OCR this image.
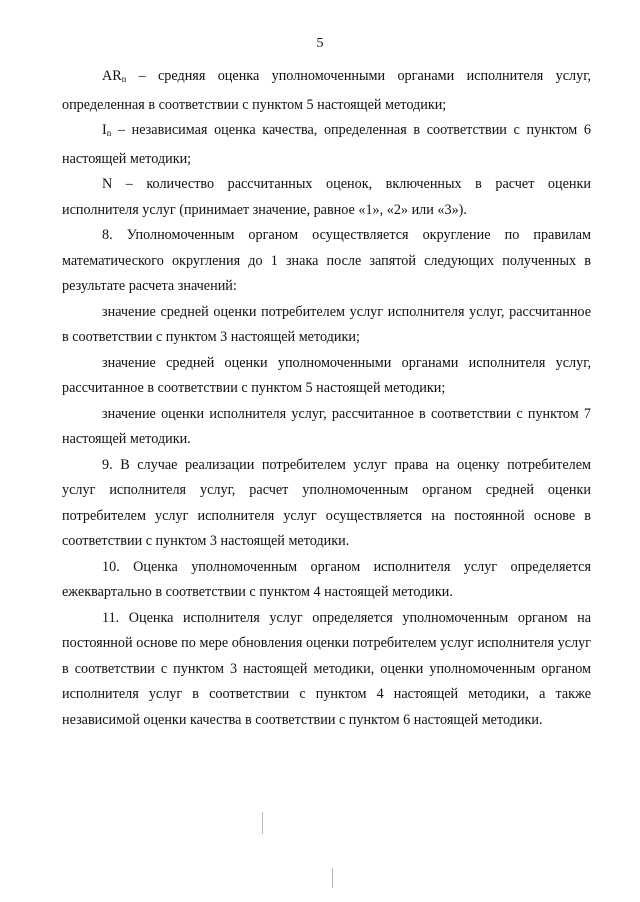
5

$AR_n$ – средняя оценка уполномоченными органами исполнителя услуг, определенная в соответствии с пунктом 5 настоящей методики;

$I_n$ – независимая оценка качества, определенная в соответствии с пунктом 6 настоящей методики;

N – количество рассчитанных оценок, включенных в расчет оценки исполнителя услуг (принимает значение, равное «1», «2» или «3»).

8. Уполномоченным органом осуществляется округление по правилам математического округления до 1 знака после запятой следующих полученных в результате расчета значений:

значение средней оценки потребителем услуг исполнителя услуг, рассчитанное в соответствии с пунктом 3 настоящей методики;

значение средней оценки уполномоченными органами исполнителя услуг, рассчитанное в соответствии с пунктом 5 настоящей методики;

значение оценки исполнителя услуг, рассчитанное в соответствии с пунктом 7 настоящей методики.

9. В случае реализации потребителем услуг права на оценку потребителем услуг исполнителя услуг, расчет уполномоченным органом средней оценки потребителем услуг исполнителя услуг осуществляется на постоянной основе в соответствии с пунктом 3 настоящей методики.

10. Оценка уполномоченным органом исполнителя услуг определяется ежеквартально в соответствии с пунктом 4 настоящей методики.

11. Оценка исполнителя услуг определяется уполномоченным органом на постоянной основе по мере обновления оценки потребителем услуг исполнителя услуг в соответствии с пунктом 3 настоящей методики, оценки уполномоченным органом исполнителя услуг в соответствии с пунктом 4 настоящей методики, а также независимой оценки качества в соответствии с пунктом 6 настоящей методики.
